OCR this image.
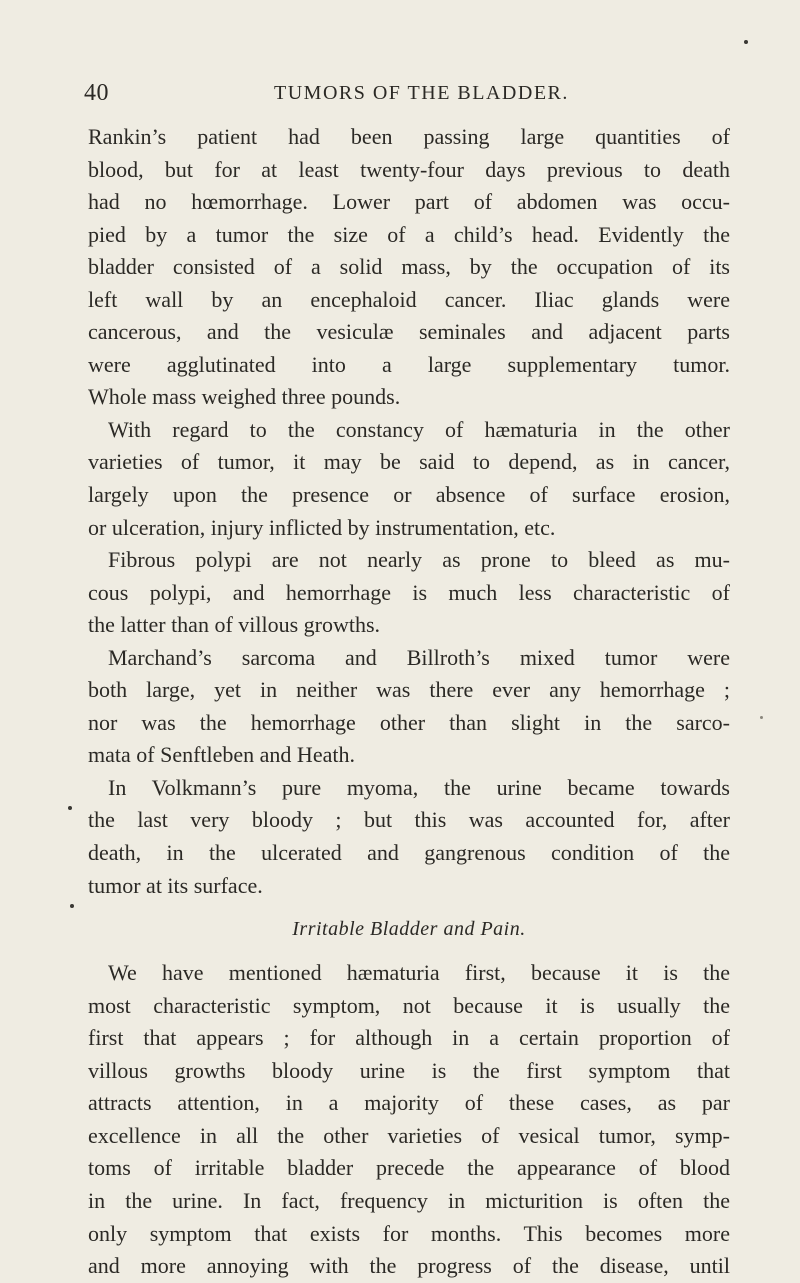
40	TUMORS OF THE BLADDER.
Rankin’s patient had been passing large quantities of
blood, but for at least twenty-four days previous to death
had no hœmorrhage. Lower part of abdomen was occu-
pied by a tumor the size of a child’s head. Evidently the
bladder consisted of a solid mass, by the occupation of its
left wall by an encephaloid cancer. Iliac glands were
cancerous, and the vesiculæ seminales and adjacent parts
were agglutinated into a large supplementary tumor.
Whole mass weighed three pounds.
With regard to the constancy of hæmaturia in the other
varieties of tumor, it may be said to depend, as in cancer,
largely upon the presence or absence of surface erosion,
or ulceration, injury inflicted by instrumentation, etc.
Fibrous polypi are not nearly as prone to bleed as mu-
cous polypi, and hemorrhage is much less characteristic of
the latter than of villous growths.
Marchand’s sarcoma and Billroth’s mixed tumor were
both large, yet in neither was there ever any hemorrhage ;
nor was the hemorrhage other than slight in the sarco-
mata of Senftleben and Heath.
In Volkmann’s pure myoma, the urine became towards
the last very bloody ; but this was accounted for, after
death, in the ulcerated and gangrenous condition of the
tumor at its surface.
Irritable Bladder and Pain.
We have mentioned hæmaturia first, because it is the
most characteristic symptom, not because it is usually the
first that appears ; for although in a certain proportion of
villous growths bloody urine is the first symptom that
attracts attention, in a majority of these cases, as par
excellence in all the other varieties of vesical tumor, symp-
toms of irritable bladder precede the appearance of blood
in the urine. In fact, frequency in micturition is often the
only symptom that exists for months. This becomes more
and more annoying with the progress of the disease, until
